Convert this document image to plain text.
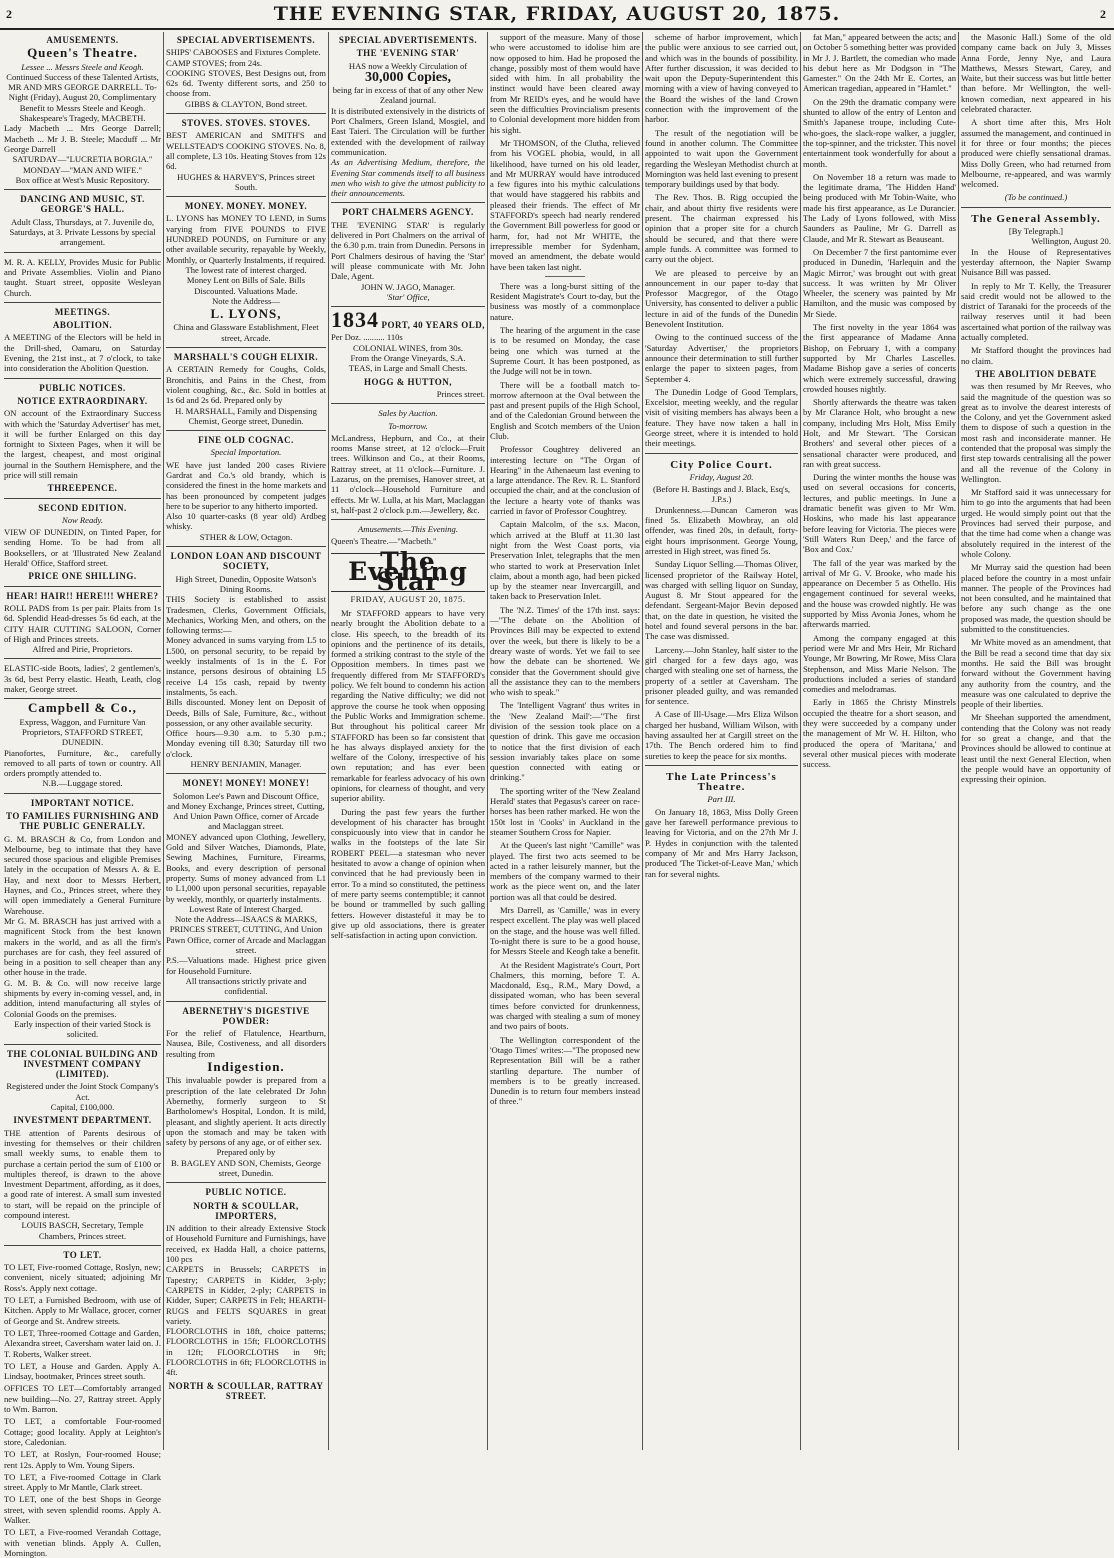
2	THE EVENING STAR, FRIDAY, AUGUST 20, 1875.	2
AMUSEMENTS.
Queen's Theatre.
Lessee ... Messrs Steele and Keogh.
Continued Success of these Talented Artists, MR AND MRS GEORGE DARRELL. To-Night (Friday), August 20, Complimentary Benefit to Messrs Steele and Keogh. Shakespeare's Tragedy, MACBETH.
Lady Macbeth ... Mrs George Darrell; Macbeth ... Mr J. B. Steele; Macduff ... Mr George Darrell
SATURDAY—"LUCRETIA BORGIA."
MONDAY—"MAN AND WIFE."
Box office at West's Music Repository.
DANCING AND MUSIC, ST. GEORGE'S HALL.
Adult Class, Thursdays, at 7. Juvenile do, Saturdays, at 3. Private Lessons by special arrangement.
M. R. A. KELLY, Provides Music for Public and Private Assemblies. Violin and Piano taught. Stuart street, opposite Wesleyan Church.
MEETINGS.
ABOLITION.
A MEETING of the Electors will be held in the Drill-shed, Oamaru, on Saturday Evening, the 21st inst., at 7 o'clock, to take into consideration the Abolition Question.
PUBLIC NOTICES.
NOTICE EXTRAORDINARY.
ON account of the Extraordinary Success with which the 'Saturday Advertiser' has met, it will be further Enlarged on this day fortnight to Sixteen Pages, when it will be the largest, cheapest, and most original journal in the Southern Hemisphere, and the price will still remain
THREEPENCE.
SECOND EDITION.
Now Ready.
VIEW OF DUNEDIN, on Tinted Paper, for sending Home. To be had from all Booksellers, or at 'Illustrated New Zealand Herald' Office, Stafford street.
PRICE ONE SHILLING.
HEAR! HAIR!! HERE!!! WHERE?
ROLL PADS from 1s per pair. Plaits from 1s 6d. Splendid Head-dresses 5s 6d each, at the CITY HAIR CUTTING SALOON, Corner of High and Princes streets.
Alfred and Pirie, Proprietors.
ELASTIC-side Boots, ladies', 2 gentlemen's, 3s 6d, best Perry elastic. Heath, Leath, clog maker, George street.
Campbell & Co.,
Express, Waggon, and Furniture Van Proprietors, STAFFORD STREET, DUNEDIN.
Pianofortes, Furniture, &c., carefully removed to all parts of town or country. All orders promptly attended to.
N.B.—Luggage stored.
IMPORTANT NOTICE.
TO FAMILIES FURNISHING AND THE PUBLIC GENERALLY.
G. M. BRASCH & Co, from London and Melbourne, beg to intimate that they have secured those spacious and eligible Premises lately in the occupation of Messrs A. & E. Hay, and next door to Messrs Herbert, Haynes, and Co., Princes street, where they will open immediately a General Furniture Warehouse.
Mr G. M. BRASCH has just arrived with a magnificent Stock from the best known makers in the world, and as all the firm's purchases are for cash, they feel assured of being in a position to sell cheaper than any other house in the trade.
G. M. B. & Co. will now receive large shipments by every in-coming vessel, and, in addition, intend manufacturing all styles of Colonial Goods on the premises.
Early inspection of their varied Stock is solicited.
THE COLONIAL BUILDING AND INVESTMENT COMPANY (LIMITED).
Registered under the Joint Stock Company's Act.
Capital, £100,000.
INVESTMENT DEPARTMENT.
THE attention of Parents desirous of investing for themselves or their children small weekly sums, to enable them to purchase a certain period the sum of £100 or multiples thereof, is drawn to the above Investment Department, affording, as it does, a good rate of interest. A small sum invested to start, will be repaid on the principle of compound interest.
LOUIS BASCH, Secretary, Temple Chambers, Princes street.
TO LET.
TO LET, Five-roomed Cottage, Roslyn, new; convenient, nicely situated; adjoining Mr Ross's. Apply next cottage.
TO LET, a Furnished Bedroom, with use of Kitchen. Apply to Mr Wallace, grocer, corner of George and St. Andrew streets.
TO LET, Three-roomed Cottage and Garden, Alexandra street, Caversham water laid on. J. T. Roberts, Walker street.
TO LET, a House and Garden. Apply A. Lindsay, bootmaker, Princes street south.
OFFICES TO LET—Comfortably arranged new building—No. 27, Rattray street. Apply to Wm. Barron.
TO LET, a comfortable Four-roomed Cottage; good locality. Apply at Leighton's store, Caledonian.
TO LET, at Roslyn, Four-roomed House; rent 12s. Apply to Wm. Young Sipers.
TO LET, a Five-roomed Cottage in Clark street. Apply to Mr Mantle, Clark street.
TO LET, one of the best Shops in George street, with seven splendid rooms. Apply A. Walker.
TO LET, a Five-roomed Verandah Cottage, with venetian blinds. Apply A. Cullen, Mornington.
SPECIAL ADVERTISEMENTS.
SHIPS' CABOOSES and Fixtures Complete.
CAMP STOVES; from 24s.
COOKING STOVES, Best Designs out, from 62s 6d. Twenty different sorts, and 250 to choose from.
GIBBS & CLAYTON, Bond street.
STOVES. STOVES. STOVES.
BEST AMERICAN and SMITH'S and WELLSTEAD'S COOKING STOVES. No. 8, all complete, L3 10s. Heating Stoves from 12s 6d.
HUGHES & HARVEY'S, Princes street South.
MONEY. MONEY. MONEY.
L. LYONS has MONEY TO LEND, in Sums varying from FIVE POUNDS to FIVE HUNDRED POUNDS, on Furniture or any other available security, repayable by Weekly, Monthly, or Quarterly Instalments, if required.
The lowest rate of interest charged.
Money Lent on Bills of Sale. Bills Discounted. Valuations Made.
Note the Address—
L. LYONS,
China and Glassware Establishment, Fleet street, Arcade.
MARSHALL'S COUGH ELIXIR.
A CERTAIN Remedy for Coughs, Colds, Bronchitis, and Pains in the Chest, from violent coughing, &c., &c. Sold in bottles at 1s 6d and 2s 6d. Prepared only by
H. MARSHALL, Family and Dispensing Chemist, George street, Dunedin.
FINE OLD COGNAC.
Special Importation.
WE have just landed 200 cases Riviere Gardrat and Co.'s old brandy, which is considered the finest in the home markets and has been pronounced by competent judges here to be superior to any hitherto imported.
Also 10 quarter-casks (8 year old) Ardbeg whisky.
STHER & LOW, Octagon.
LONDON LOAN AND DISCOUNT SOCIETY,
High Street, Dunedin, Opposite Watson's Dining Rooms.
THIS Society is established to assist Tradesmen, Clerks, Government Officials, Mechanics, Working Men, and others, on the following terms:—
Money advanced in sums varying from L5 to L500, on personal security, to be repaid by weekly instalments of 1s in the £. For instance, persons desirous of obtaining L5 receive L4 15s cash, repaid by twenty instalments, 5s each.
Bills discounted. Money lent on Deposit of Deeds, Bills of Sale, Furniture, &c., without possession, or any other available security.
Office hours—9.30 a.m. to 5.30 p.m.; Monday evening till 8.30; Saturday till two o'clock.
HENRY BENJAMIN, Manager.
MONEY! MONEY! MONEY!
Solomon Lee's Pawn and Discount Office, and Money Exchange, Princes street, Cutting, And Union Pawn Office, corner of Arcade and Maclaggan street.
MONEY advanced upon Clothing, Jewellery, Gold and Silver Watches, Diamonds, Plate, Sewing Machines, Furniture, Firearms, Books, and every description of personal property. Sums of money advanced from L1 to L1,000 upon personal securities, repayable by weekly, monthly, or quarterly instalments.
Lowest Rate of Interest Charged.
Note the Address—ISAACS & MARKS, PRINCES STREET, CUTTING, And Union Pawn Office, corner of Arcade and Maclaggan street.
P.S.—Valuations made. Highest price given for Household Furniture.
All transactions strictly private and confidential.
ABERNETHY'S DIGESTIVE POWDER:
For the relief of Flatulence, Heartburn, Nausea, Bile, Costiveness, and all disorders resulting from
Indigestion.
This invaluable powder is prepared from a prescription of the late celebrated Dr John Abernethy, formerly surgeon to St Bartholomew's Hospital, London. It is mild, pleasant, and slightly aperient. It acts directly upon the stomach and may be taken with safety by persons of any age, or of either sex.
Prepared only by
B. BAGLEY AND SON, Chemists, George street, Dunedin.
PUBLIC NOTICE.
NORTH & SCOULLAR, IMPORTERS,
IN addition to their already Extensive Stock of Household Furniture and Furnishings, have received, ex Hadda Hall, a choice patterns, 100 pcs
CARPETS in Brussels; CARPETS in Tapestry; CARPETS in Kidder, 3-ply; CARPETS in Kidder, 2-ply; CARPETS in Kidder, Super; CARPETS in Felt; HEARTH-RUGS and FELTS SQUARES in great variety.
FLOORCLOTHS in 18ft, choice patterns; FLOORCLOTHS in 15ft; FLOORCLOTHS in 12ft; FLOORCLOTHS in 9ft; FLOORCLOTHS in 6ft; FLOORCLOTHS in 4ft.
NORTH & SCOULLAR, RATTRAY STREET.
SPECIAL ADVERTISEMENTS.
THE 'EVENING STAR'
HAS now a Weekly Circulation of
30,000 Copies,
being far in excess of that of any other New Zealand journal.
It is distributed extensively in the districts of Port Chalmers, Green Island, Mosgiel, and East Taieri. The Circulation will be further extended with the development of railway communication.
As an Advertising Medium, therefore, the Evening Star commends itself to all business men who wish to give the utmost publicity to their announcements.
PORT CHALMERS AGENCY.
THE 'EVENING STAR' is regularly delivered in Port Chalmers on the arrival of the 6.30 p.m. train from Dunedin. Persons in Port Chalmers desirous of having the 'Star' will please communicate with Mr. John Dale, Agent.
JOHN W. JAGO, Manager.
'Star' Office,
1834 PORT, 40 YEARS OLD,
Per Doz. .......... 110s
COLONIAL WINES, from 30s.
From the Orange Vineyards, S.A.
TEAS, in Large and Small Chests.
HOGG & HUTTON,
Princes street.
Sales by Auction.
To-morrow.
McLandress, Hepburn, and Co., at their rooms Manse street, at 12 o'clock—Fruit trees. Wilkinson and Co., at their Rooms, Rattray street, at 11 o'clock—Furniture. J. Lazarus, on the premises, Hanover street, at 11 o'clock—Household Furniture and effects. Mr W. Lulla, at his Mart, Maclaggan st, half-past 2 o'clock p.m.—Jewellery, &c.
Amusements.—This Evening.
Queen's Theatre.—"Macbeth."
The Evening Star
FRIDAY, AUGUST 20, 1875.

Mr STAFFORD appears to have very nearly brought the Abolition debate to a close. His speech, to the breadth of its opinions and the pertinence of its details, formed a striking contrast to the style of the Opposition members. In times past we frequently differed from Mr STAFFORD's policy. We felt bound to condemn his action regarding the Native difficulty; we did not approve the course he took when opposing the Public Works and Immigration scheme. But throughout his political career Mr STAFFORD has been so far consistent that he has always displayed anxiety for the welfare of the Colony, irrespective of his own reputation; and has ever been remarkable for fearless advocacy of his own opinions, for clearness of thought, and very superior ability.

During the past few years the further development of his character has brought conspicuously into view that in candor he walks in the footsteps of the late Sir ROBERT PEEL—a statesman who never hesitated to avow a change of opinion when convinced that he had previously been in error. To a mind so constituted, the pettiness of mere party seems contemptible; it cannot be bound or trammelled by such galling fetters. However distasteful it may be to give up old associations, there is greater self-satisfaction in acting upon conviction.

support of the measure. Many of those who were accustomed to idolise him are now opposed to him. Had he proposed the change, possibly most of them would have sided with him. In all probability the instinct would have been cleared away from Mr REID's eyes, and he would have seen the difficulties Provincialism presents to Colonial development more hidden from his sight.

Mr THOMSON, of the Clutha, relieved from his VOGEL phobia, would, in all likelihood, have turned on his old leader, and Mr MURRAY would have introduced a few figures into his mythic calculations that would have staggered his rabbits and pleased their friends. The effect of Mr STAFFORD's speech had nearly rendered the Government Bill powerless for good or harm, for, had not Mr WHITE, the irrepressible member for Sydenham, moved an amendment, the debate would have been taken last night.

There was a long-burst sitting of the Resident Magistrate's Court to-day, but the business was mostly of a commonplace nature.

The hearing of the argument in the case is to be resumed on Monday, the case being one which was turned at the Supreme Court. It has been postponed, as the Judge will not be in town.

There will be a football match to-morrow afternoon at the Oval between the past and present pupils of the High School, and of the Caledonian Ground between the English and Scotch members of the Union Club.

Professor Coughtrey delivered an interesting lecture on "The Organ of Hearing" in the Athenaeum last evening to a large attendance. The Rev. R. L. Stanford occupied the chair, and at the conclusion of the lecture a hearty vote of thanks was carried in favor of Professor Coughtrey.

Captain Malcolm, of the s.s. Macon, which arrived at the Bluff at 11.30 last night from the West Coast ports, via Preservation Inlet, telegraphs that the men who started to work at Preservation Inlet claim, about a month ago, had been picked up by the steamer near Invercargill, and taken back to Preservation Inlet.

The 'N.Z. Times' of the 17th inst. says:—"The debate on the Abolition of Provinces Bill may be expected to extend over the week, but there is likely to be a dreary waste of words. Yet we fail to see how the debate can be shortened. We consider that the Government should give all the assistance they can to the members who wish to speak."

The 'Intelligent Vagrant' thus writes in the 'New Zealand Mail':—"The first division of the session took place on a question of drink. This gave me occasion to notice that the first division of each session invariably takes place on some question connected with eating or drinking."

The sporting writer of the 'New Zealand Herald' states that Pegasus's career on race-horses has been rather marked. He won the 150t lost in 'Cooks' in Auckland in the steamer Southern Cross for Napier.

At the Queen's last night "Camille" was played. The first two acts seemed to be acted in a rather leisurely manner, but the members of the company warmed to their work as the piece went on, and the later portion was all that could be desired.

Mrs Darrell, as 'Camille,' was in every respect excellent. The play was well placed on the stage, and the house was well filled. To-night there is sure to be a good house, for Messrs Steele and Keogh take a benefit.

At the Resident Magistrate's Court, Port Chalmers, this morning, before T. A. Macdonald, Esq., R.M., Mary Dowd, a dissipated woman, who has been several times before convicted for drunkenness, was charged with stealing a sum of money and two pairs of boots.

The Wellington correspondent of the 'Otago Times' writes:—"The proposed new Representation Bill will be a rather startling departure. The number of members is to be greatly increased. Dunedin is to return four members instead of three."

scheme of harbor improvement, which the public were anxious to see carried out, and which was in the bounds of possibility. After further discussion, it was decided to wait upon the Deputy-Superintendent this morning with a view of having conveyed to the Board the wishes of the land Crown connection with the improvement of the harbor.

The result of the negotiation will be found in another column. The Committee appointed to wait upon the Government regarding the Wesleyan Methodist church at Mornington was held last evening to present temporary buildings used by that body.

The Rev. Thos. B. Rigg occupied the chair, and about thirty five residents were present. The chairman expressed his opinion that a proper site for a church should be secured, and that there were ample funds. A committee was formed to carry out the object.

We are pleased to perceive by an announcement in our paper to-day that Professor Macgregor, of the Otago University, has consented to deliver a public lecture in aid of the funds of the Dunedin Benevolent Institution.

Owing to the continued success of the 'Saturday Advertiser,' the proprietors announce their determination to still further enlarge the paper to sixteen pages, from September 4.

The Dunedin Lodge of Good Templars, Excelsior, meeting weekly, and the regular visit of visiting members has always been a feature. They have now taken a hall in George street, where it is intended to hold their meetings.

City Police Court.
Friday, August 20.
(Before H. Bastings and J. Black, Esq's, J.P.s.)

Drunkenness.—Duncan Cameron was fined 5s. Elizabeth Mowbray, an old offender, was fined 20s, in default, forty-eight hours imprisonment. George Young, arrested in High street, was fined 5s.

Sunday Liquor Selling.—Thomas Oliver, licensed proprietor of the Railway Hotel, was charged with selling liquor on Sunday, August 8. Mr Stout appeared for the defendant. Sergeant-Major Bevin deposed that, on the date in question, he visited the hotel and found several persons in the bar. The case was dismissed.

Larceny.—John Stanley, half sister to the girl charged for a few days ago, was charged with stealing one set of harness, the property of a settler at Caversham. The prisoner pleaded guilty, and was remanded for sentence.

A Case of Ill-Usage.—Mrs Eliza Wilson charged her husband, William Wilson, with having assaulted her at Cargill street on the 17th. The Bench ordered him to find sureties to keep the peace for six months.

The Late Princess's Theatre.
Part III.

On January 18, 1863, Miss Dolly Green gave her farewell performance previous to leaving for Victoria, and on the 27th Mr J. P. Hydes in conjunction with the talented company of Mr and Mrs Harry Jackson, produced 'The Ticket-of-Leave Man,' which ran for several nights.

fat Man," appeared between the acts; and on October 5 something better was provided in Mr J. J. Bartlett, the comedian who made his debut here as Mr Dodgson in "The Gamester." On the 24th Mr E. Cortes, an American tragedian, appeared in "Hamlet."

On the 29th the dramatic company were shunted to allow of the entry of Lenton and Smith's Japanese troupe, including Cute-who-goes, the slack-rope walker, a juggler, the top-spinner, and the trickster. This novel entertainment took wonderfully for about a month.

On November 18 a return was made to the legitimate drama, 'The Hidden Hand' being produced with Mr Tobin-Waite, who made his first appearance, as Le Durancier. The Lady of Lyons followed, with Miss Saunders as Pauline, Mr G. Darrell as Claude, and Mr R. Stewart as Beauseant.

On December 7 the first pantomime ever produced in Dunedin, 'Harlequin and the Magic Mirror,' was brought out with great success. It was written by Mr Oliver Wheeler, the scenery was painted by Mr Hamilton, and the music was composed by Mr Siede.

The first novelty in the year 1864 was the first appearance of Madame Anna Bishop, on February 1, with a company supported by Mr Charles Lascelles. Madame Bishop gave a series of concerts which were extremely successful, drawing crowded houses nightly.

Shortly afterwards the theatre was taken by Mr Clarance Holt, who brought a new company, including Mrs Holt, Miss Emily Holt, and Mr Stewart. 'The Corsican Brothers' and several other pieces of a sensational character were produced, and ran with great success.

During the winter months the house was used on several occasions for concerts, lectures, and public meetings. In June a dramatic benefit was given to Mr Wm. Hoskins, who made his last appearance before leaving for Victoria. The pieces were 'Still Waters Run Deep,' and the farce of 'Box and Cox.'

The fall of the year was marked by the arrival of Mr G. V. Brooke, who made his appearance on December 5 as Othello. His engagement continued for several weeks, and the house was crowded nightly. He was supported by Miss Avonia Jones, whom he afterwards married.

Among the company engaged at this period were Mr and Mrs Heir, Mr Richard Younge, Mr Bowring, Mr Rowe, Miss Clara Stephenson, and Miss Marie Nelson. The productions included a series of standard comedies and melodramas.

Early in 1865 the Christy Minstrels occupied the theatre for a short season, and they were succeeded by a company under the management of Mr W. H. Hilton, who produced the opera of 'Maritana,' and several other musical pieces with moderate success.

the Masonic Hall.) Some of the old company came back on July 3, Misses Anna Forde, Jenny Nye, and Laura Matthews, Messrs Stewart, Carey, and Waite, but their success was but little better than before. Mr Wellington, the well-known comedian, next appeared in his celebrated character.

A short time after this, Mrs Holt assumed the management, and continued in it for three or four months; the pieces produced were chiefly sensational dramas. Miss Dolly Green, who had returned from Melbourne, re-appeared, and was warmly welcomed.

(To be continued.)
The General Assembly.
[By Telegraph.]
Wellington, August 20.

In the House of Representatives yesterday afternoon, the Napier Swamp Nuisance Bill was passed.

In reply to Mr T. Kelly, the Treasurer said credit would not be allowed to the district of Taranaki for the proceeds of the railway reserves until it had been ascertained what portion of the railway was actually completed.

Mr Stafford thought the provinces had no claim.

THE ABOLITION DEBATE

was then resumed by Mr Reeves, who said the magnitude of the question was so great as to involve the dearest interests of the Colony, and yet the Government asked them to dispose of such a question in the most rash and inconsiderate manner. He contended that the proposal was simply the first step towards centralising all the power and all the revenue of the Colony in Wellington.

Mr Stafford said it was unnecessary for him to go into the arguments that had been urged. He would simply point out that the Provinces had served their purpose, and that the time had come when a change was absolutely required in the interest of the whole Colony.

Mr Murray said the question had been placed before the country in a most unfair manner. The people of the Provinces had not been consulted, and he maintained that before any such change as the one proposed was made, the question should be submitted to the constituencies.

Mr White moved as an amendment, that the Bill be read a second time that day six months. He said the Bill was brought forward without the Government having any authority from the country, and the measure was one calculated to deprive the people of their liberties.

Mr Sheehan supported the amendment, contending that the Colony was not ready for so great a change, and that the Provinces should be allowed to continue at least until the next General Election, when the people would have an opportunity of expressing their opinion.
